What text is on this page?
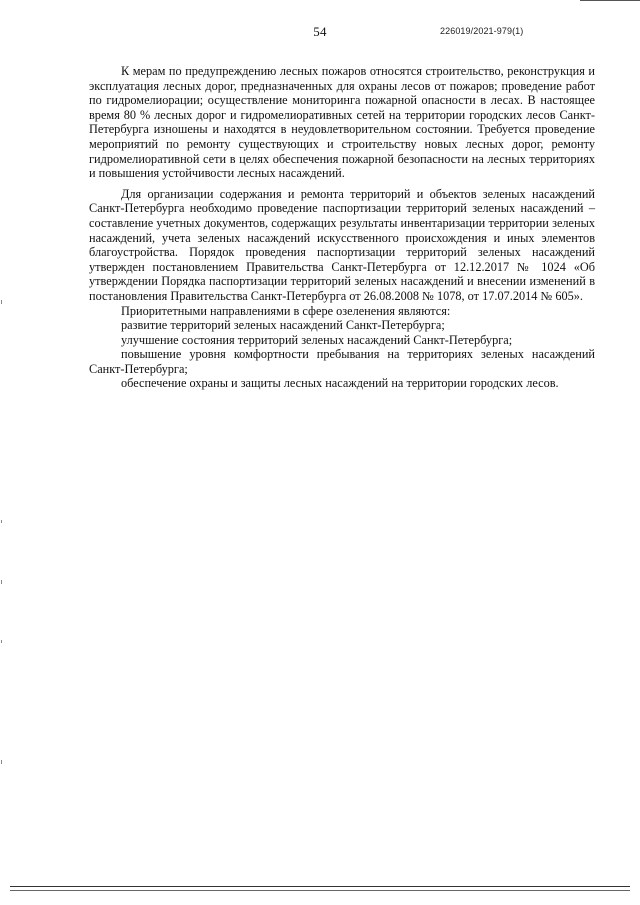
54	226019/2021-979(1)

К мерам по предупреждению лесных пожаров относятся строительство, реконструкция и эксплуатация лесных дорог, предназначенных для охраны лесов от пожаров; проведение работ по гидромелиорации; осуществление мониторинга пожарной опасности в лесах. В настоящее время 80 % лесных дорог и гидромелиоративных сетей на территории городских лесов Санкт-Петербурга изношены и находятся в неудовлетворительном состоянии. Требуется проведение мероприятий по ремонту существующих и строительству новых лесных дорог, ремонту гидромелиоративной сети в целях обеспечения пожарной безопасности на лесных территориях и повышения устойчивости лесных насаждений.

Для организации содержания и ремонта территорий и объектов зеленых насаждений Санкт-Петербурга необходимо проведение паспортизации территорий зеленых насаждений – составление учетных документов, содержащих результаты инвентаризации территории зеленых насаждений, учета зеленых насаждений искусственного происхождения и иных элементов благоустройства. Порядок проведения паспортизации территорий зеленых насаждений утвержден постановлением Правительства Санкт-Петербурга от 12.12.2017 № 1024 «Об утверждении Порядка паспортизации территорий зеленых насаждений и внесении изменений в постановления Правительства Санкт-Петербурга от 26.08.2008 № 1078, от 17.07.2014 № 605».

Приоритетными направлениями в сфере озеленения являются:

развитие территорий зеленых насаждений Санкт-Петербурга;

улучшение состояния территорий зеленых насаждений Санкт-Петербурга;

повышение уровня комфортности пребывания на территориях зеленых насаждений Санкт-Петербурга;

обеспечение охраны и защиты лесных насаждений на территории городских лесов.
